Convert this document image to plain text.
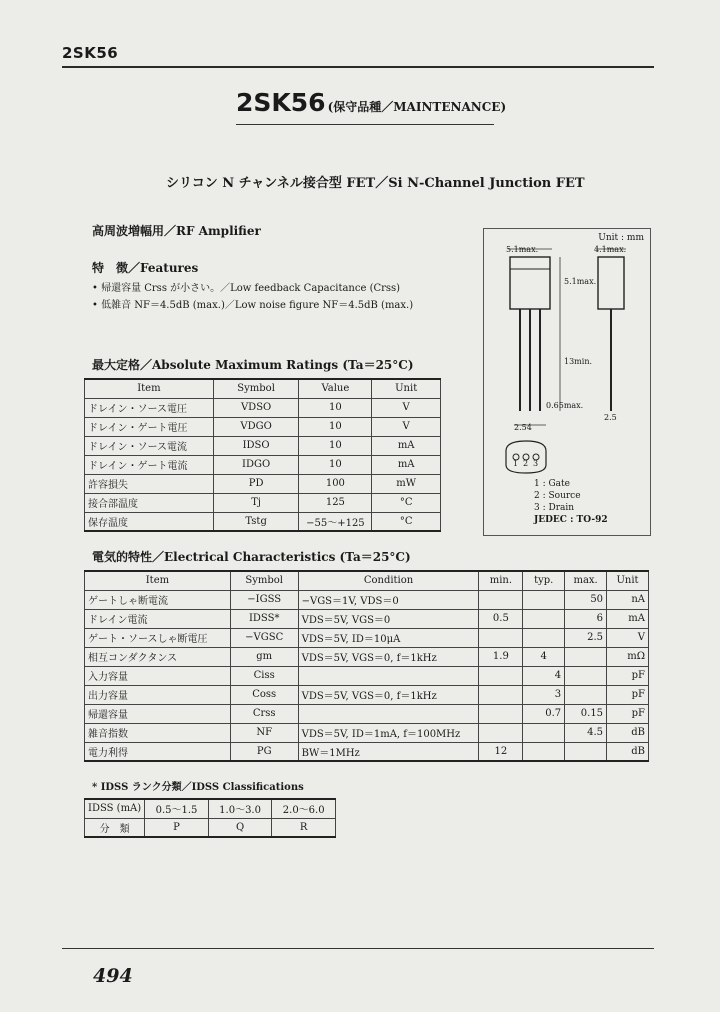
2SK56
2SK56 (保守品種／MAINTENANCE)
シリコン N チャンネル接合型 FET／Si N-Channel Junction FET
高周波増幅用／RF Amplifier
特　徴／Features
• 帰還容量 Crss が小さい。／Low feedback Capacitance (Crss)
• 低雑音 NF＝4.5dB (max.)／Low noise figure NF＝4.5dB (max.)
最大定格／Absolute Maximum Ratings (Ta＝25°C)
Item	Symbol	Value	Unit
ドレイン・ソース電圧	VDSO	10	V
ドレイン・ゲート電圧	VDGO	10	V
ドレイン・ソース電流	IDSO	10	mA
ドレイン・ゲート電流	IDGO	10	mA
許容損失	PD	100	mW
接合部温度	Tj	125	°C
保存温度	Tstg	−55〜+125	°C
Unit : mm
5.1max.	4.1max.
5.1max.
13min.
0.65max.
2.54
2.5
1 2 3
1 : Gate
2 : Source
3 : Drain
JEDEC : TO-92
電気的特性／Electrical Characteristics (Ta＝25°C)
Item	Symbol	Condition	min.	typ.	max.	Unit
ゲートしゃ断電流	−IGSS	−VGS＝1V, VDS＝0			50	nA
ドレイン電流	IDSS*	VDS＝5V, VGS＝0	0.5		6	mA
ゲート・ソースしゃ断電圧	−VGSC	VDS＝5V, ID＝10μA			2.5	V
相互コンダクタンス	gm	VDS＝5V, VGS＝0, f＝1kHz	1.9	4		mΩ
入力容量	Ciss			4		pF
出力容量	Coss	VDS＝5V, VGS＝0, f＝1kHz		3		pF
帰還容量	Crss			0.7	0.15	pF
雑音指数	NF	VDS＝5V, ID＝1mA, f＝100MHz			4.5	dB
電力利得	PG	BW＝1MHz	12			dB
* IDSS ランク分類／IDSS Classifications
IDSS (mA)	0.5〜1.5	1.0〜3.0	2.0〜6.0
分　類	P	Q	R
494
